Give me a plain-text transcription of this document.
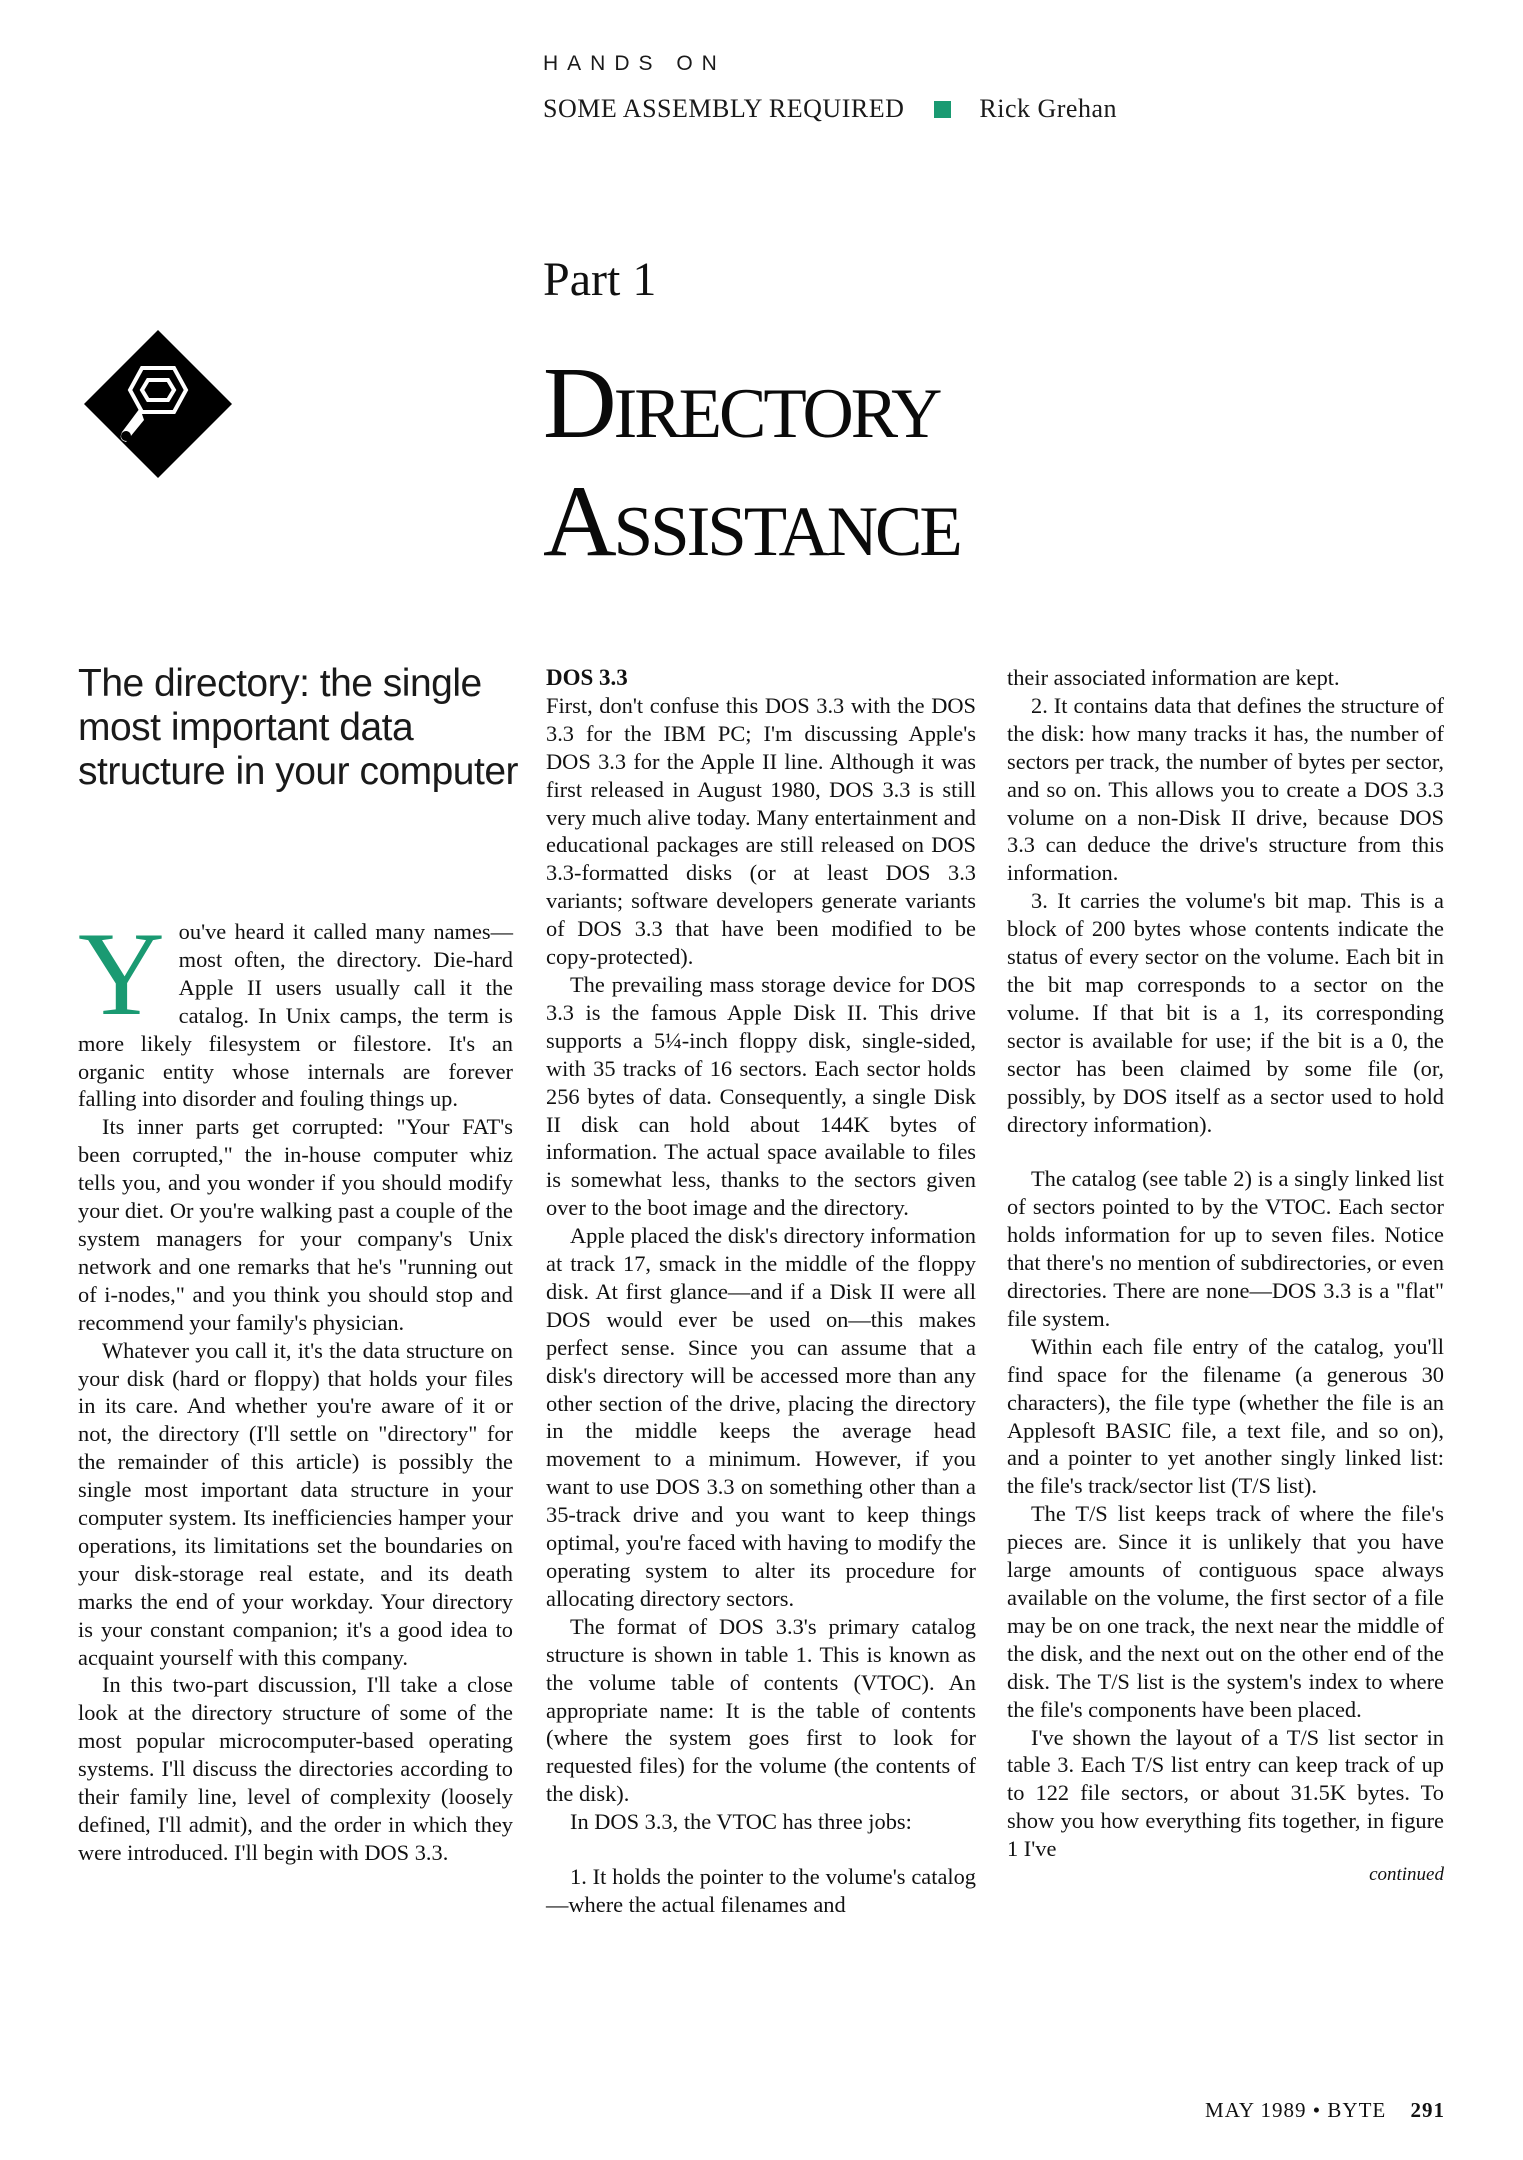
HANDS ON
SOME ASSEMBLY REQUIRED	Rick Grehan
Part 1
Directory
Assistance
The directory: the single most important data structure in your computer
Y ou've heard it called many names—most often, the directory. Die-hard Apple II users usually call it the catalog. In Unix camps, the term is more likely filesystem or filestore. It's an organic entity whose internals are forever falling into disorder and fouling things up.

Its inner parts get corrupted: "Your FAT's been corrupted," the in-house computer whiz tells you, and you wonder if you should modify your diet. Or you're walking past a couple of the system managers for your company's Unix network and one remarks that he's "running out of i-nodes," and you think you should stop and recommend your family's physician.

Whatever you call it, it's the data structure on your disk (hard or floppy) that holds your files in its care. And whether you're aware of it or not, the directory (I'll settle on "directory" for the remainder of this article) is possibly the single most important data structure in your computer system. Its inefficiencies hamper your operations, its limitations set the boundaries on your disk-storage real estate, and its death marks the end of your workday. Your directory is your constant companion; it's a good idea to acquaint yourself with this company.

In this two-part discussion, I'll take a close look at the directory structure of some of the most popular microcomputer-based operating systems. I'll discuss the directories according to their family line, level of complexity (loosely defined, I'll admit), and the order in which they were introduced. I'll begin with DOS 3.3.

DOS 3.3

First, don't confuse this DOS 3.3 with the DOS 3.3 for the IBM PC; I'm discussing Apple's DOS 3.3 for the Apple II line. Although it was first released in August 1980, DOS 3.3 is still very much alive today. Many entertainment and educational packages are still released on DOS 3.3-formatted disks (or at least DOS 3.3 variants; software developers generate variants of DOS 3.3 that have been modified to be copy-protected).

The prevailing mass storage device for DOS 3.3 is the famous Apple Disk II. This drive supports a 5¼-inch floppy disk, single-sided, with 35 tracks of 16 sectors. Each sector holds 256 bytes of data. Consequently, a single Disk II disk can hold about 144K bytes of information. The actual space available to files is somewhat less, thanks to the sectors given over to the boot image and the directory.

Apple placed the disk's directory information at track 17, smack in the middle of the floppy disk. At first glance—and if a Disk II were all DOS would ever be used on—this makes perfect sense. Since you can assume that a disk's directory will be accessed more than any other section of the drive, placing the directory in the middle keeps the average head movement to a minimum. However, if you want to use DOS 3.3 on something other than a 35-track drive and you want to keep things optimal, you're faced with having to modify the operating system to alter its procedure for allocating directory sectors.

The format of DOS 3.3's primary catalog structure is shown in table 1. This is known as the volume table of contents (VTOC). An appropriate name: It is the table of contents (where the system goes first to look for requested files) for the volume (the contents of the disk).

In DOS 3.3, the VTOC has three jobs:

1. It holds the pointer to the volume's catalog—where the actual filenames and

their associated information are kept.

2. It contains data that defines the structure of the disk: how many tracks it has, the number of sectors per track, the number of bytes per sector, and so on. This allows you to create a DOS 3.3 volume on a non-Disk II drive, because DOS 3.3 can deduce the drive's structure from this information.

3. It carries the volume's bit map. This is a block of 200 bytes whose contents indicate the status of every sector on the volume. Each bit in the bit map corresponds to a sector on the volume. If that bit is a 1, its corresponding sector is available for use; if the bit is a 0, the sector has been claimed by some file (or, possibly, by DOS itself as a sector used to hold directory information).

The catalog (see table 2) is a singly linked list of sectors pointed to by the VTOC. Each sector holds information for up to seven files. Notice that there's no mention of subdirectories, or even directories. There are none—DOS 3.3 is a "flat" file system.

Within each file entry of the catalog, you'll find space for the filename (a generous 30 characters), the file type (whether the file is an Applesoft BASIC file, a text file, and so on), and a pointer to yet another singly linked list: the file's track/sector list (T/S list).

The T/S list keeps track of where the file's pieces are. Since it is unlikely that you have large amounts of contiguous space always available on the volume, the first sector of a file may be on one track, the next near the middle of the disk, and the next out on the other end of the disk. The T/S list is the system's index to where the file's components have been placed.

I've shown the layout of a T/S list sector in table 3. Each T/S list entry can keep track of up to 122 file sectors, or about 31.5K bytes. To show you how everything fits together, in figure 1 I've

continued

MAY 1989 • BYTE 291
